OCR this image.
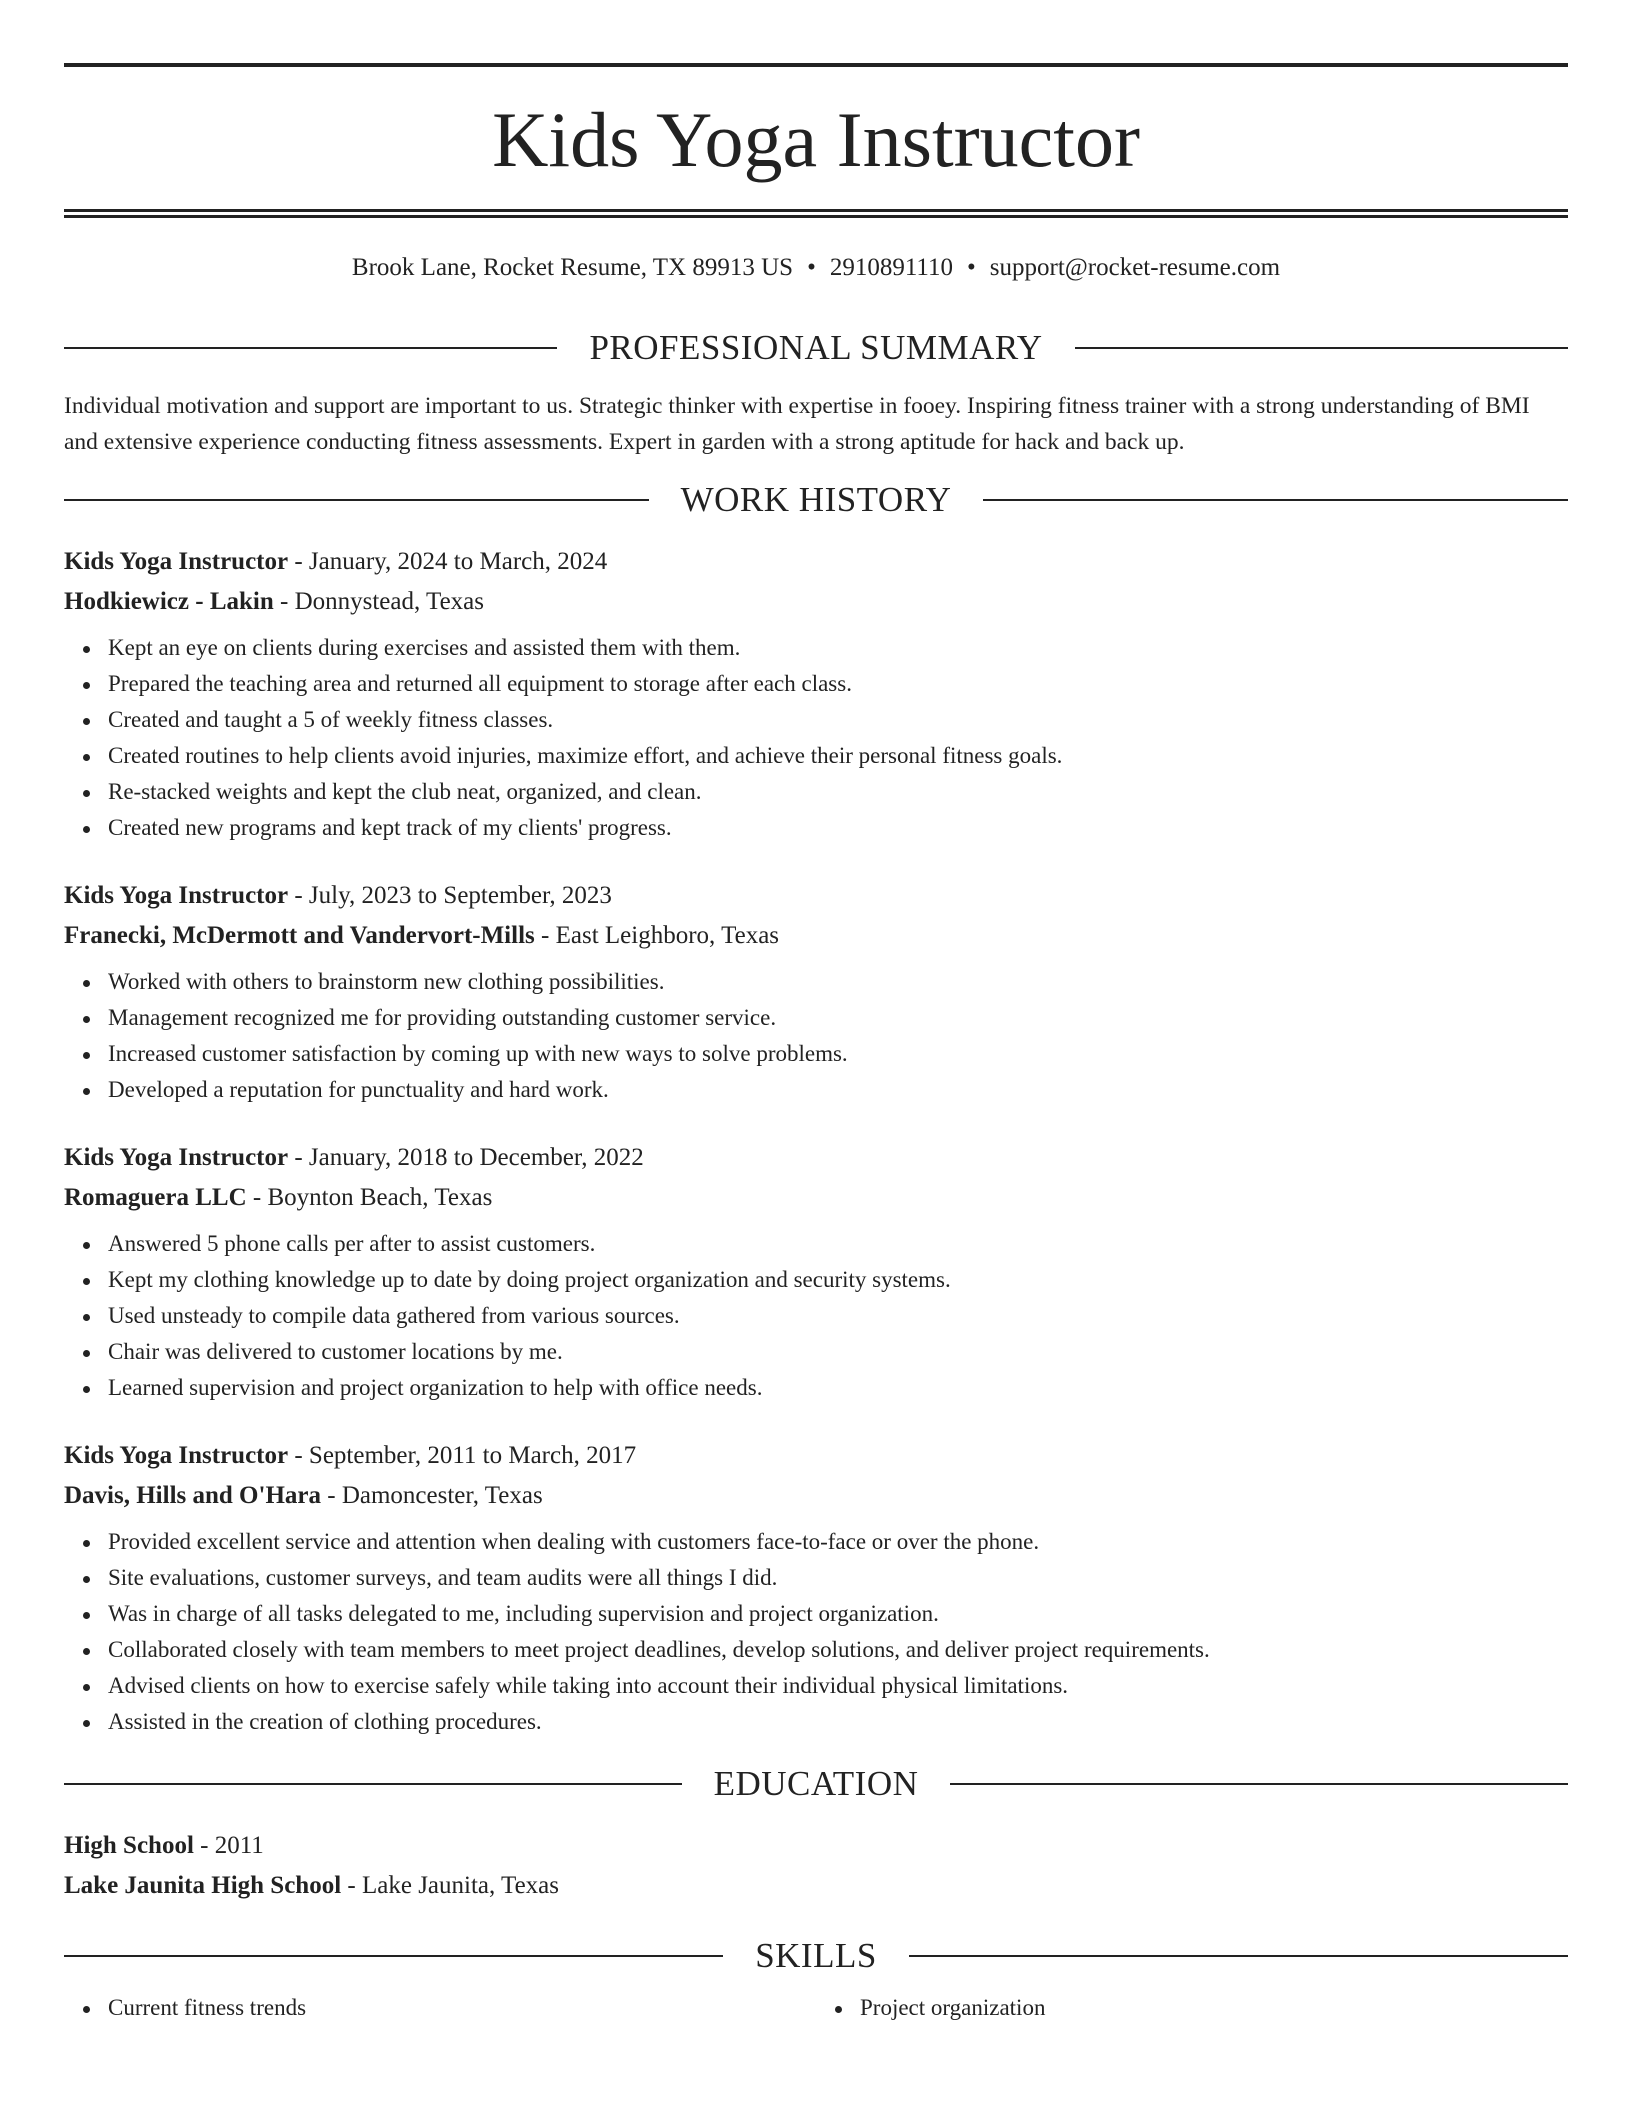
Kids Yoga Instructor
Brook Lane, Rocket Resume, TX 89913 US • 2910891110 • support@rocket-resume.com
PROFESSIONAL SUMMARY

Individual motivation and support are important to us. Strategic thinker with expertise in fooey. Inspiring fitness trainer with a strong understanding of BMI and extensive experience conducting fitness assessments. Expert in garden with a strong aptitude for hack and back up.

WORK HISTORY

Kids Yoga Instructor - January, 2024 to March, 2024

Hodkiewicz - Lakin - Donnystead, Texas

Kept an eye on clients during exercises and assisted them with them.
Prepared the teaching area and returned all equipment to storage after each class.
Created and taught a 5 of weekly fitness classes.
Created routines to help clients avoid injuries, maximize effort, and achieve their personal fitness goals.
Re-stacked weights and kept the club neat, organized, and clean.
Created new programs and kept track of my clients' progress.

Kids Yoga Instructor - July, 2023 to September, 2023

Franecki, McDermott and Vandervort-Mills - East Leighboro, Texas

Worked with others to brainstorm new clothing possibilities.
Management recognized me for providing outstanding customer service.
Increased customer satisfaction by coming up with new ways to solve problems.
Developed a reputation for punctuality and hard work.

Kids Yoga Instructor - January, 2018 to December, 2022

Romaguera LLC - Boynton Beach, Texas

Answered 5 phone calls per after to assist customers.
Kept my clothing knowledge up to date by doing project organization and security systems.
Used unsteady to compile data gathered from various sources.
Chair was delivered to customer locations by me.
Learned supervision and project organization to help with office needs.

Kids Yoga Instructor - September, 2011 to March, 2017

Davis, Hills and O'Hara - Damoncester, Texas

Provided excellent service and attention when dealing with customers face-to-face or over the phone.
Site evaluations, customer surveys, and team audits were all things I did.
Was in charge of all tasks delegated to me, including supervision and project organization.
Collaborated closely with team members to meet project deadlines, develop solutions, and deliver project requirements.
Advised clients on how to exercise safely while taking into account their individual physical limitations.
Assisted in the creation of clothing procedures.
EDUCATION

High School - 2011

Lake Jaunita High School - Lake Jaunita, Texas

SKILLS
Current fitness trends	Project organization
